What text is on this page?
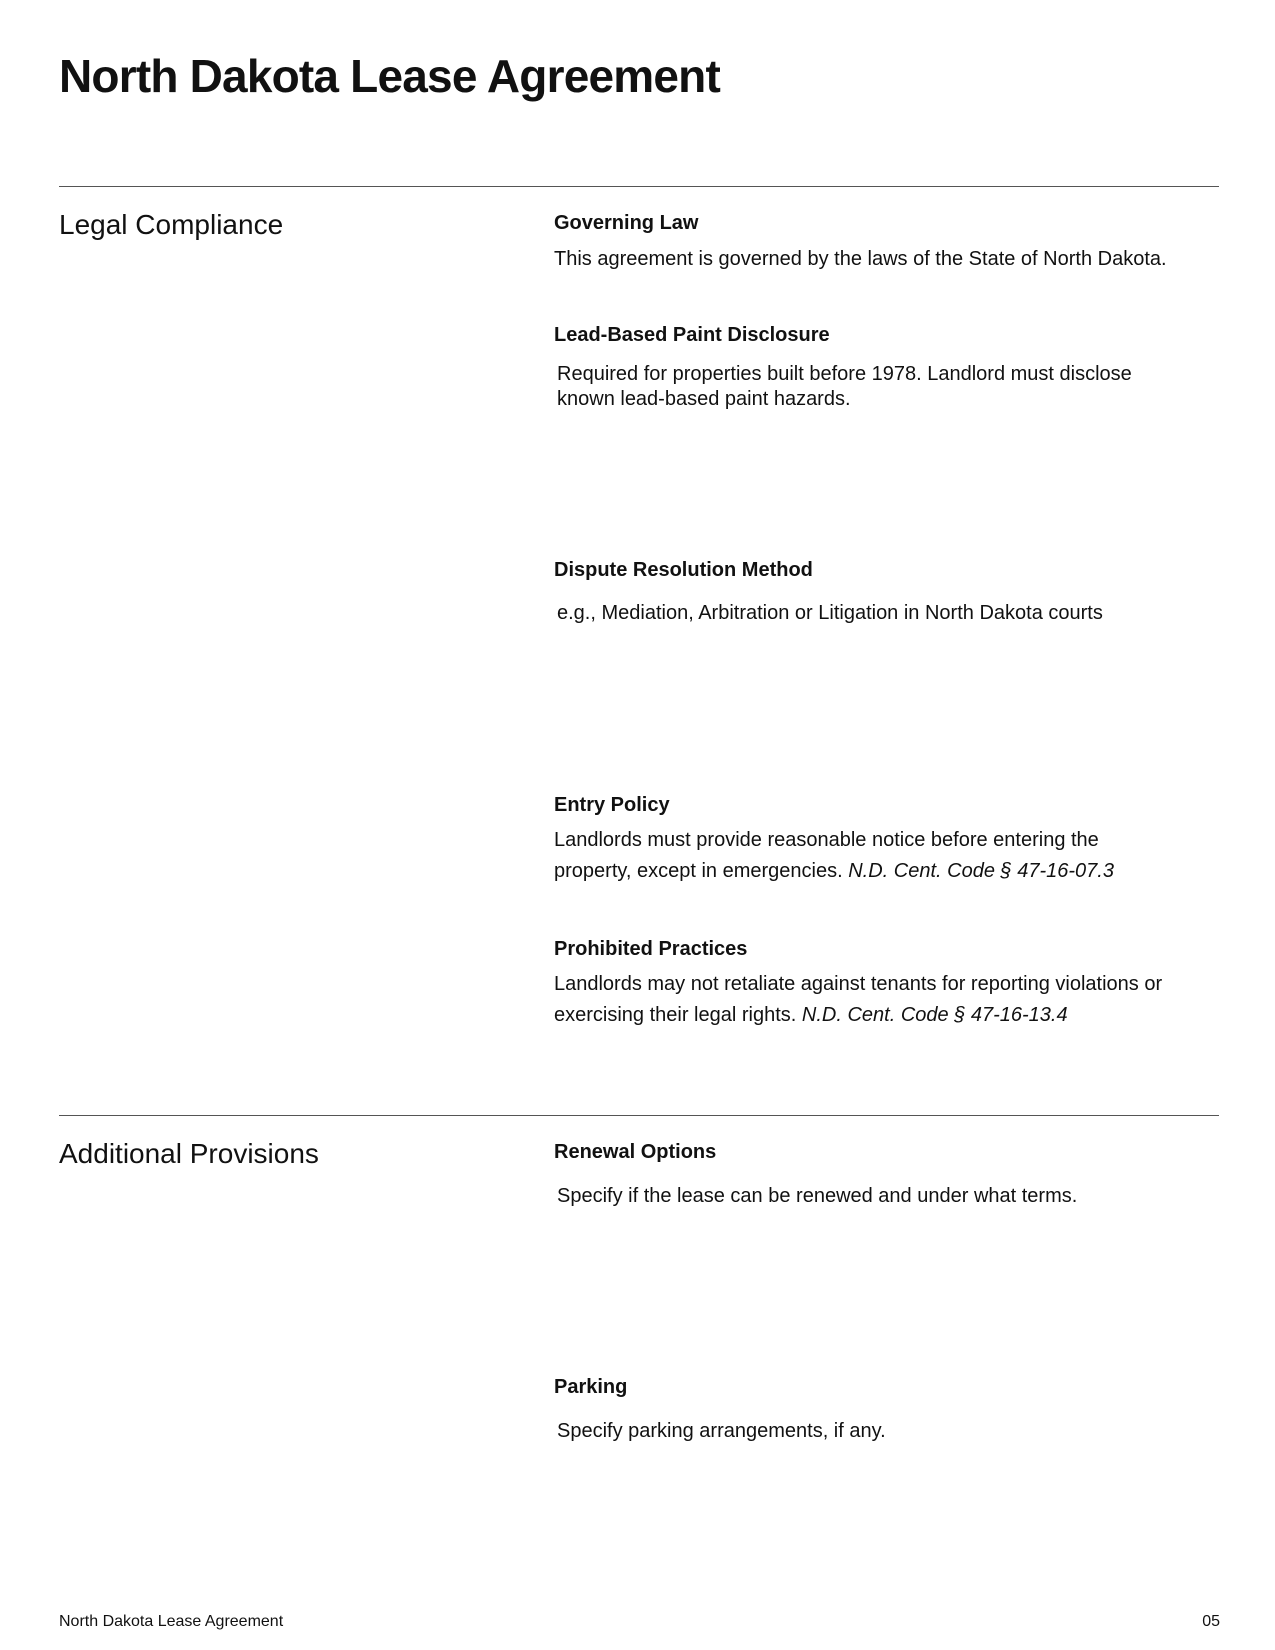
North Dakota Lease Agreement
Legal Compliance	Governing Law
This agreement is governed by the laws of the State of North Dakota.
Lead-Based Paint Disclosure
Required for properties built before 1978. Landlord must disclose known lead-based paint hazards.
Dispute Resolution Method
e.g., Mediation, Arbitration or Litigation in North Dakota courts
Entry Policy
Landlords must provide reasonable notice before entering the property, except in emergencies. N.D. Cent. Code § 47-16-07.3
Prohibited Practices
Landlords may not retaliate against tenants for reporting violations or exercising their legal rights. N.D. Cent. Code § 47-16-13.4
Additional Provisions	Renewal Options
Specify if the lease can be renewed and under what terms.
Parking
Specify parking arrangements, if any.
North Dakota Lease Agreement	05
